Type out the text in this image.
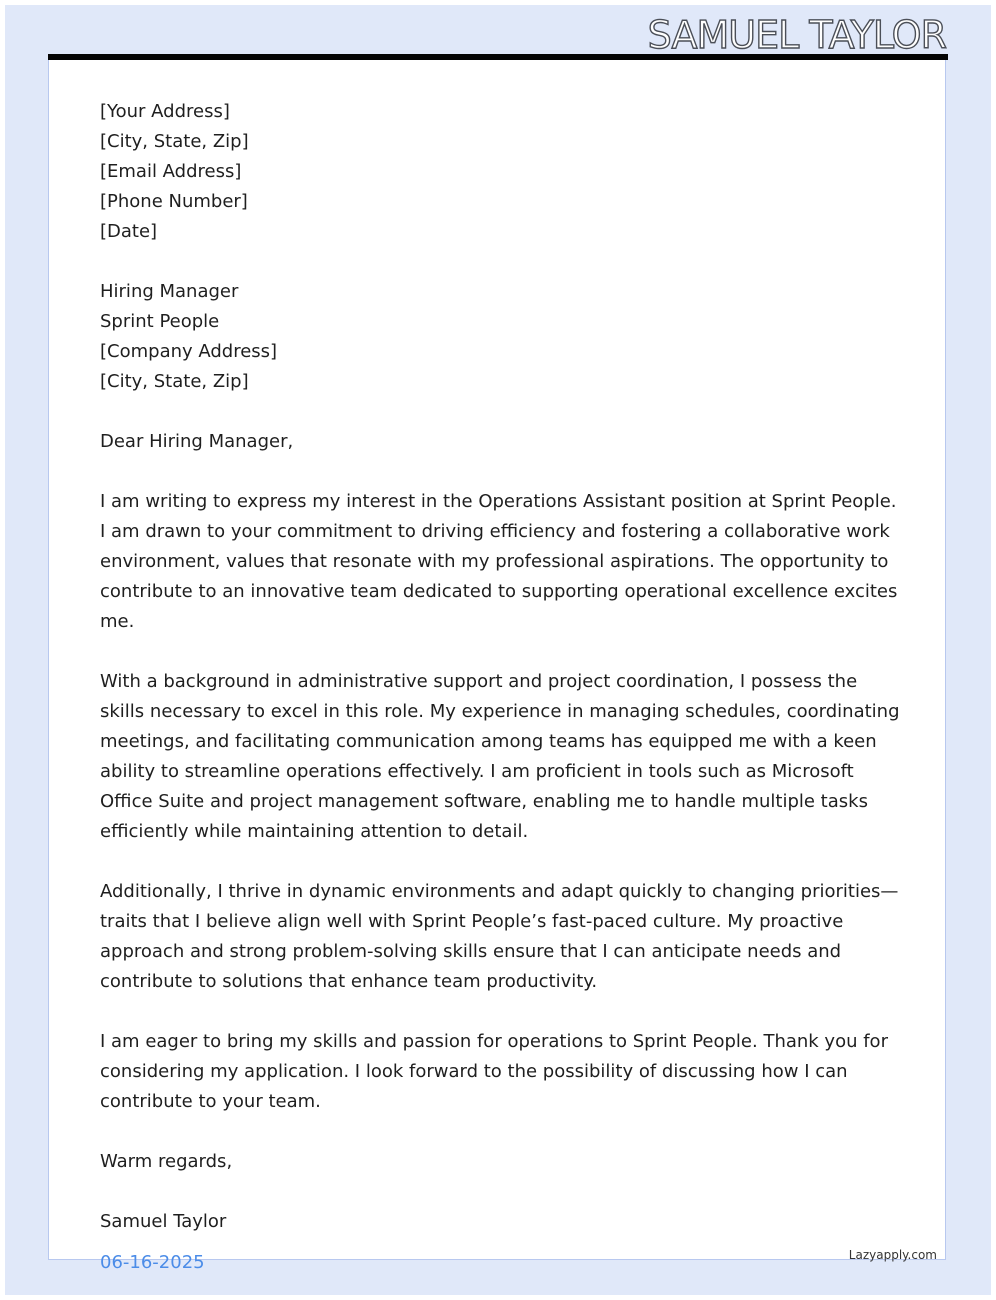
SAMUEL TAYLOR

[Your Address]
[City, State, Zip]
[Email Address]
[Phone Number]
[Date]

Hiring Manager
Sprint People
[Company Address]
[City, State, Zip]

Dear Hiring Manager,

I am writing to express my interest in the Operations Assistant position at Sprint People. I am drawn to your commitment to driving efficiency and fostering a collaborative work environment, values that resonate with my professional aspirations. The opportunity to contribute to an innovative team dedicated to supporting operational excellence excites me.

With a background in administrative support and project coordination, I possess the skills necessary to excel in this role. My experience in managing schedules, coordinating meetings, and facilitating communication among teams has equipped me with a keen ability to streamline operations effectively. I am proficient in tools such as Microsoft Office Suite and project management software, enabling me to handle multiple tasks efficiently while maintaining attention to detail.

Additionally, I thrive in dynamic environments and adapt quickly to changing priorities—traits that I believe align well with Sprint People’s fast-paced culture. My proactive approach and strong problem-solving skills ensure that I can anticipate needs and contribute to solutions that enhance team productivity.

I am eager to bring my skills and passion for operations to Sprint People. Thank you for considering my application. I look forward to the possibility of discussing how I can contribute to your team.

Warm regards,

Samuel Taylor

06-16-2025	Lazyapply.com
